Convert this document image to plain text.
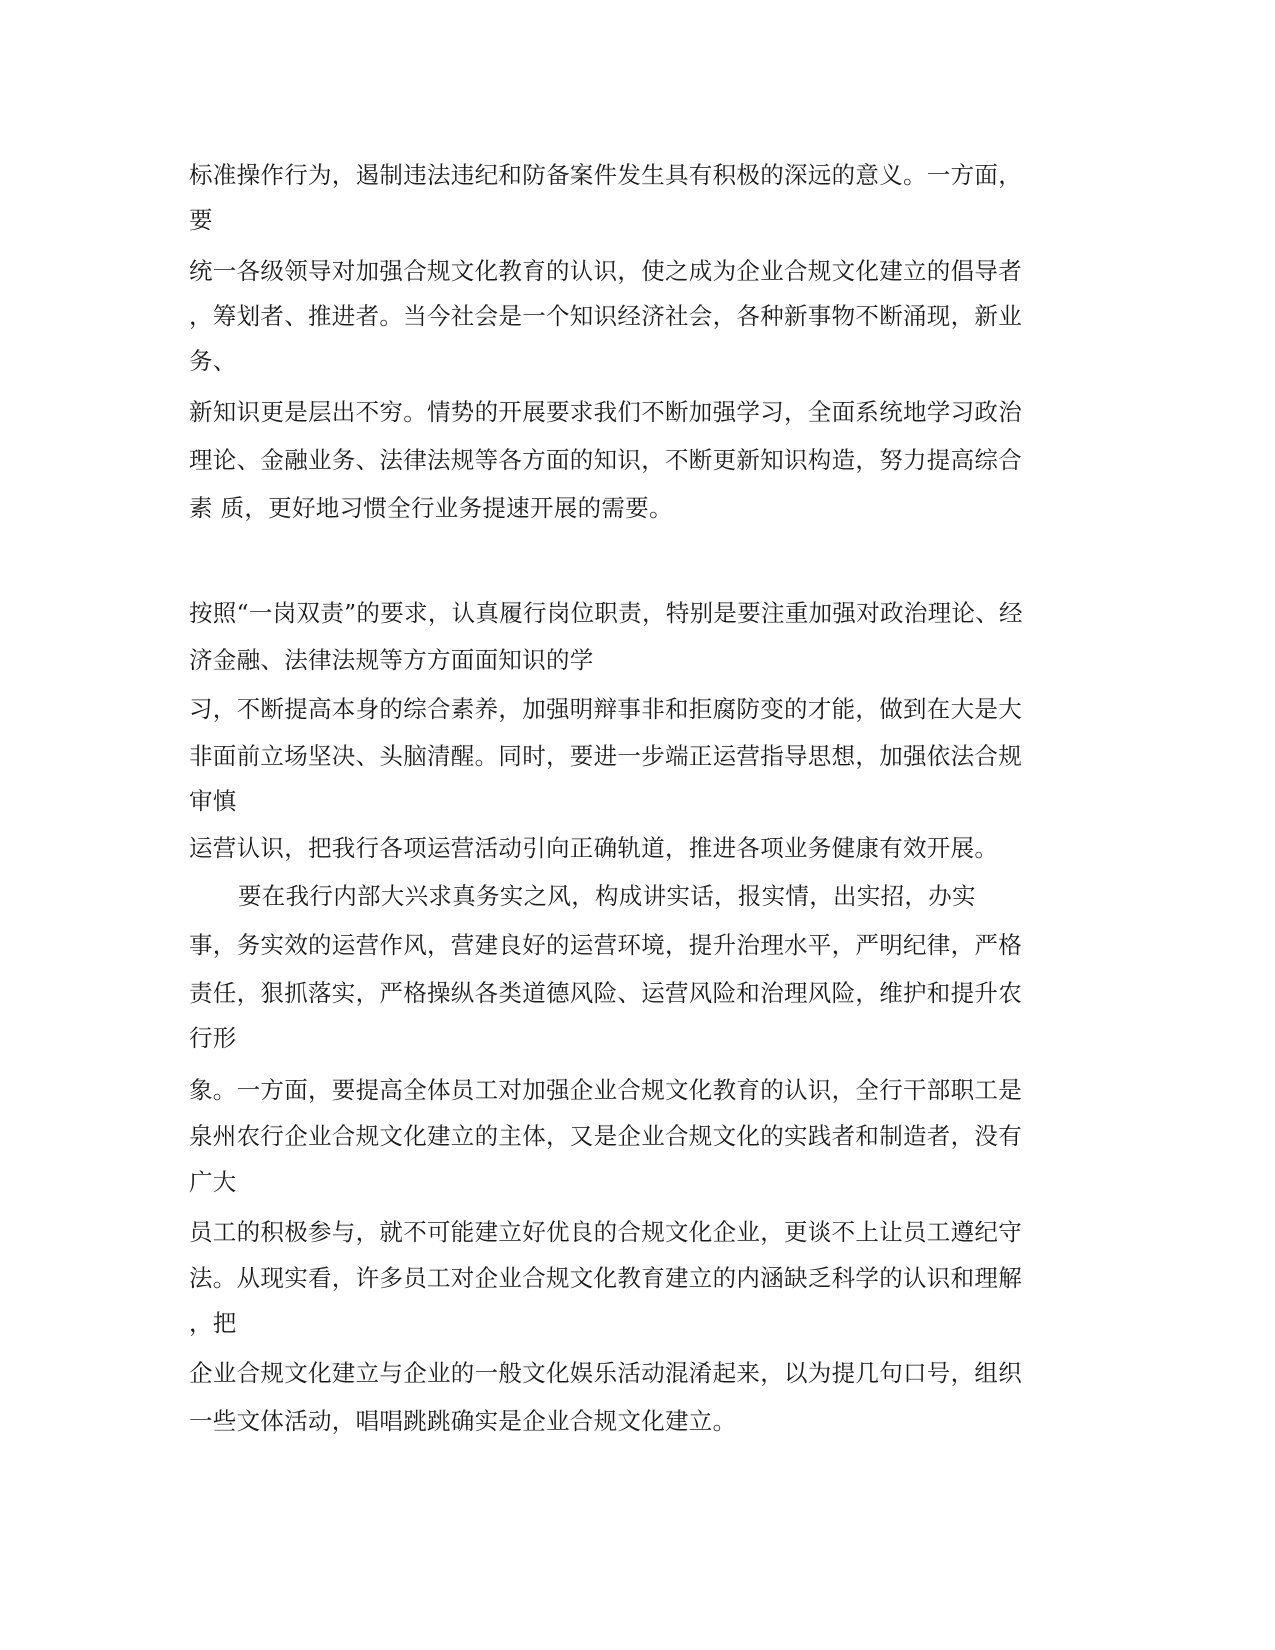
标准操作行为，遏制违法违纪和防备案件发生具有积极的深远的意义。一方面，
要
统一各级领导对加强合规文化教育的认识，使之成为企业合规文化建立的倡导者
，筹划者、推进者。当今社会是一个知识经济社会，各种新事物不断涌现，新业
务、
新知识更是层出不穷。情势的开展要求我们不断加强学习，全面系统地学习政治
理论、金融业务、法律法规等各方面的知识，不断更新知识构造，努力提高综合
素 质，更好地习惯全行业务提速开展的需要。
按照“一岗双责”的要求，认真履行岗位职责，特别是要注重加强对政治理论、经
济金融、法律法规等方方面面知识的学
习，不断提高本身的综合素养，加强明辩事非和拒腐防变的才能，做到在大是大
非面前立场坚决、头脑清醒。同时，要进一步端正运营指导思想，加强依法合规
审慎
运营认识，把我行各项运营活动引向正确轨道，推进各项业务健康有效开展。
要在我行内部大兴求真务实之风，构成讲实话，报实情，出实招，办实
事，务实效的运营作风，营建良好的运营环境，提升治理水平，严明纪律，严格
责任，狠抓落实，严格操纵各类道德风险、运营风险和治理风险，维护和提升农
行形
象。一方面，要提高全体员工对加强企业合规文化教育的认识，全行干部职工是
泉州农行企业合规文化建立的主体，又是企业合规文化的实践者和制造者，没有
广大
员工的积极参与，就不可能建立好优良的合规文化企业，更谈不上让员工遵纪守
法。从现实看，许多员工对企业合规文化教育建立的内涵缺乏科学的认识和理解
，把
企业合规文化建立与企业的一般文化娱乐活动混淆起来，以为提几句口号，组织
一些文体活动，唱唱跳跳确实是企业合规文化建立。
